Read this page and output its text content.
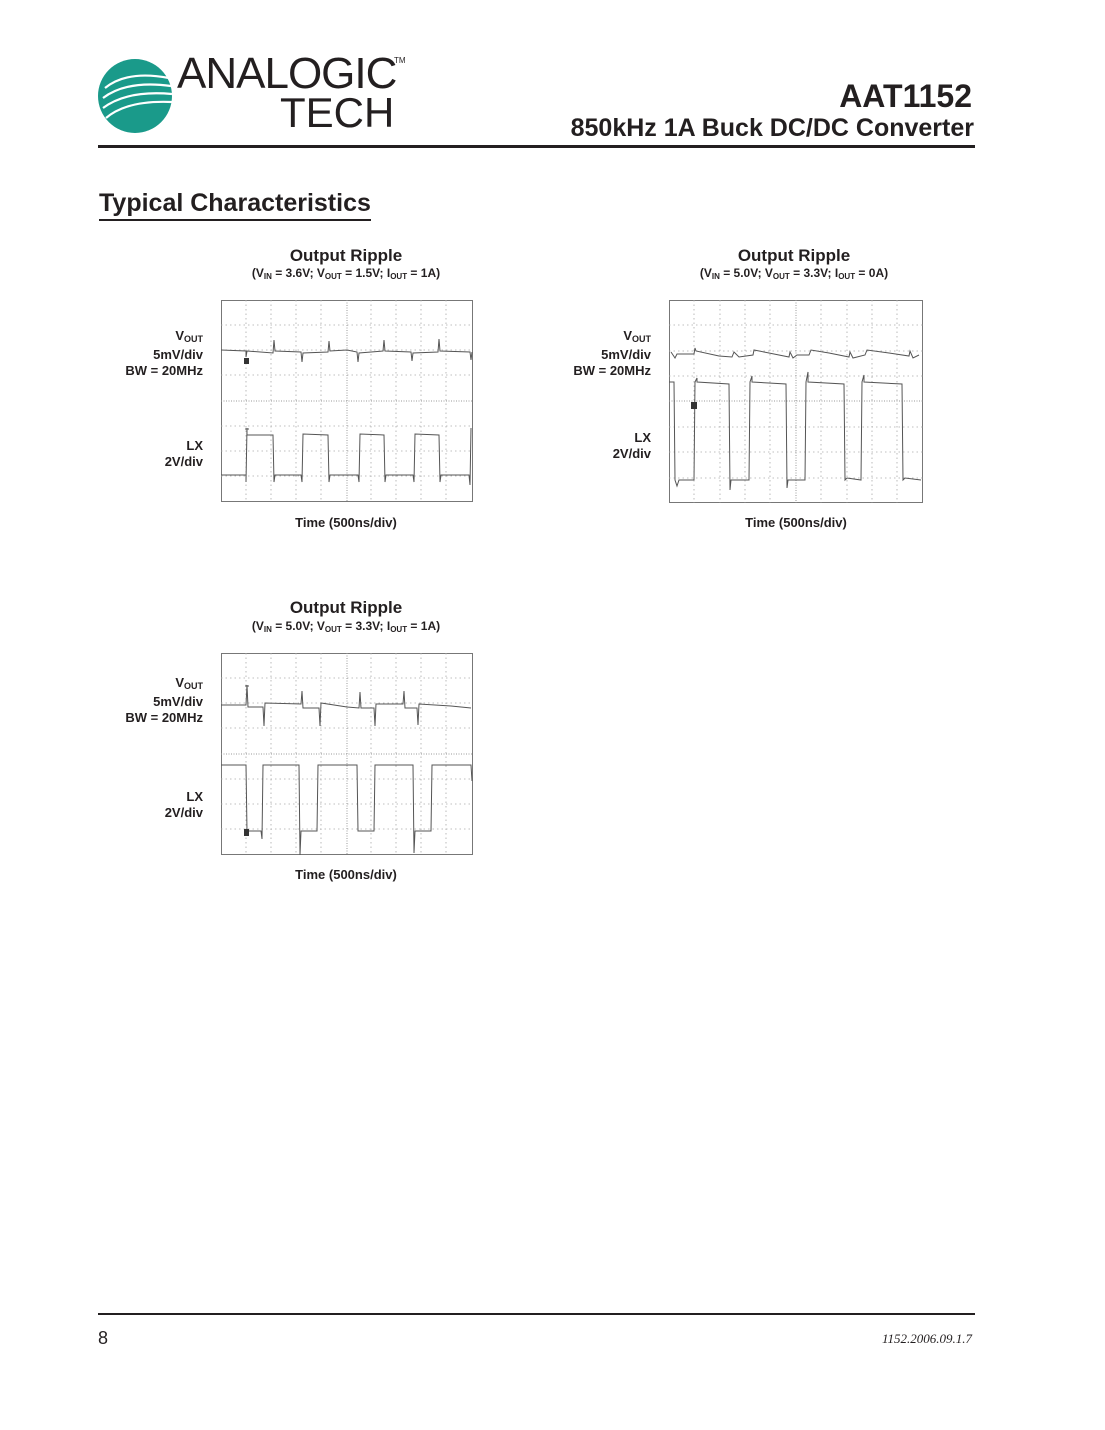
ANALOGIC
TECH
TM
AAT1152
850kHz 1A Buck DC/DC Converter
Typical Characteristics
Output Ripple
($V_{IN} = 3.6V$; $V_{OUT} = 1.5V$; $I_{OUT} = 1A$)
$V_{OUT}$
5mV/div
BW = 20MHz
LX
2V/div
Time (500ns/div)
Output Ripple
($V_{IN} = 5.0V$; $V_{OUT} = 3.3V$; $I_{OUT} = 0A$)
$V_{OUT}$
5mV/div
BW = 20MHz
LX
2V/div
Time (500ns/div)
Output Ripple
($V_{IN} = 5.0V$; $V_{OUT} = 3.3V$; $I_{OUT} = 1A$)
$V_{OUT}$
5mV/div
BW = 20MHz
LX
2V/div
Time (500ns/div)
8	1152.2006.09.1.7
